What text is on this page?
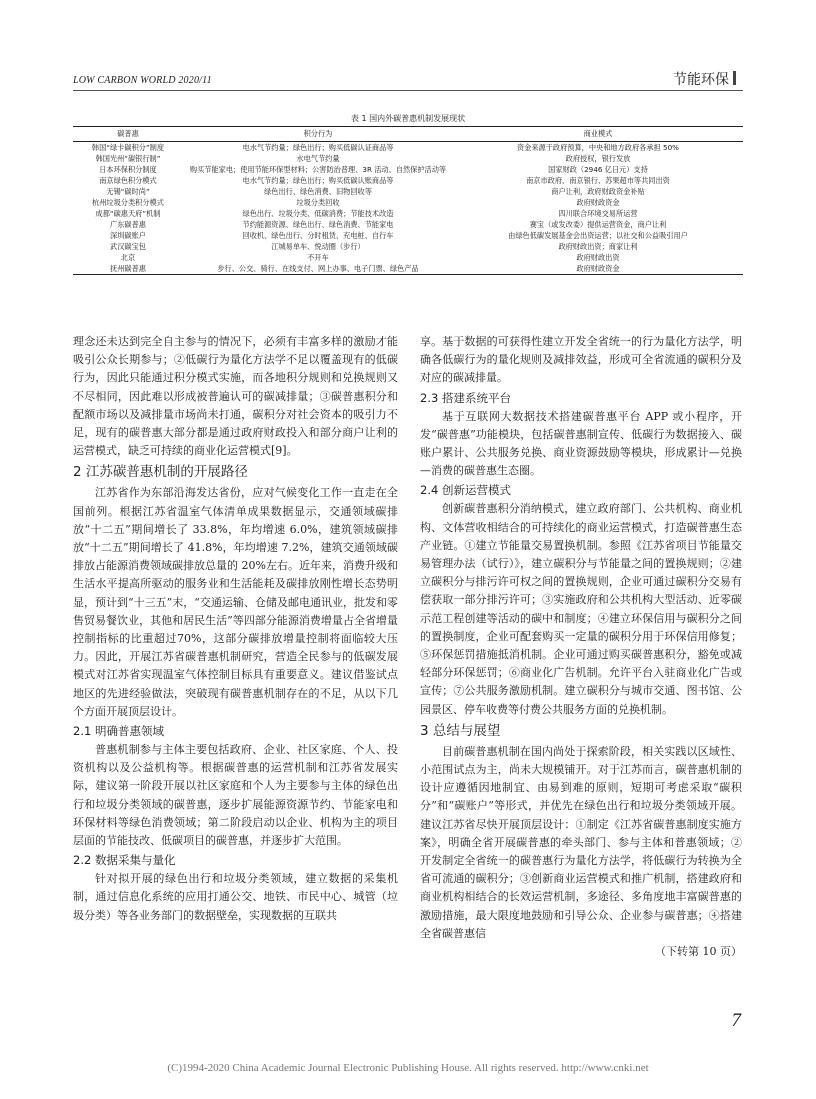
LOW CARBON WORLD 2020/11	节能环保
表 1 国内外碳普惠机制发展现状
碳普惠	积分行为	商业模式
韩国“绿卡碳积分”制度	电水气节约量；绿色出行；购买低碳认证商品等	资金来源于政府预算，中央和地方政府各承担 50%
韩国光州“碳银行制”	水电气节约量	政府授权，银行发放
日本环保积分制度	购买节能家电；使用节能环保型材料；公害防治普理、3R 活动、自然保护活动等	国家财政（2946 亿日元）支持
南京绿色积分模式	电水气节约量；绿色出行；购买低碳认账商品等	南京市政府、南京银行、苏果超市等共同出资
无锡“碳时尚”	绿色出行、绿色消费、旧物回收等	商户让利，政府财政资金补贴
杭州垃圾分类积分模式	垃圾分类回收	政府财政资金
成都“碳惠天府”机制	绿色出行、垃圾分类、低碳消费；节能技术改造	四川联合环境交易所运营
广东碳普惠	节约能源资源、绿色出行、绿色消费、节能家电	赛宝（或发改委）提供运营资金，商户让利
深圳碳账户	回收机、绿色出行、分时租赁、充电桩、自行车	由绿色低碳发展基金会出资运营；以社交和公益吸引用户
武汉碳宝包	江城易单车、悦动圈（步行）	政府财政出资；商家让利
北京	不开车	政府财政出资
抚州碳普惠	步行、公交、骑行、在线支付、网上办事、电子门票、绿色产品	政府财政资金

理念还未达到完全自主参与的情况下，必须有丰富多样的激励才能吸引公众长期参与；②低碳行为量化方法学不足以覆盖现有的低碳行为，因此只能通过积分模式实施，而各地积分规则和兑换规则又不尽相同，因此难以形成被普遍认可的碳减排量；③碳普惠积分和配额市场以及减排量市场尚未打通，碳积分对社会资本的吸引力不足，现有的碳普惠大部分都是通过政府财政投入和部分商户让利的运营模式，缺乏可持续的商业化运营模式[9]。

2 江苏碳普惠机制的开展路径

江苏省作为东部沿海发达省份，应对气候变化工作一直走在全国前列。根据江苏省温室气体清单成果数据显示，交通领域碳排放“十二五”期间增长了 33.8%，年均增速 6.0%，建筑领域碳排放“十二五”期间增长了 41.8%，年均增速 7.2%，建筑交通领域碳排放占能源消费领域碳排放总量的 20%左右。近年来，消费升级和生活水平提高所驱动的服务业和生活能耗及碳排放刚性增长态势明显，预计到“十三五”末，“交通运输、仓储及邮电通讯业，批发和零售贸易餐饮业，其他和居民生活”等四部分能源消费增量占全省增量控制指标的比重超过70%，这部分碳排放增量控制将面临较大压力。因此，开展江苏省碳普惠机制研究，营造全民参与的低碳发展模式对江苏省实现温室气体控制目标具有重要意义。建议借鉴试点地区的先进经验做法，突破现有碳普惠机制存在的不足，从以下几个方面开展顶层设计。

2.1 明确普惠领域

普惠机制参与主体主要包括政府、企业、社区家庭、个人、投资机构以及公益机构等。根据碳普惠的运营机制和江苏省发展实际，建议第一阶段开展以社区家庭和个人为主要参与主体的绿色出行和垃圾分类领域的碳普惠，逐步扩展能源资源节约、节能家电和环保材料等绿色消费领域；第二阶段启动以企业、机构为主的项目层面的节能技改、低碳项目的碳普惠，并逐步扩大范围。

2.2 数据采集与量化

针对拟开展的绿色出行和垃圾分类领域，建立数据的采集机制，通过信息化系统的应用打通公交、地铁、市民中心、城管（垃圾分类）等各业务部门的数据壁垒，实现数据的互联共

享。基于数据的可获得性建立开发全省统一的行为量化方法学，明确各低碳行为的量化规则及减排效益，形成可全省流通的碳积分及对应的碳减排量。

2.3 搭建系统平台

基于互联网大数据技术搭建碳普惠平台 APP 或小程序，开发“碳普惠”功能模块，包括碳普惠制宣传、低碳行为数据接入、碳账户累计、公共服务兑换、商业资源鼓励等模块，形成累计—兑换—消费的碳普惠生态圈。

2.4 创新运营模式

创新碳普惠积分消纳模式，建立政府部门、公共机构、商业机构、文体营收相结合的可持续化的商业运营模式，打造碳普惠生态产业链。①建立节能量交易置换机制。参照《江苏省项目节能量交易管理办法（试行）》，建立碳积分与节能量之间的置换规则；②建立碳积分与排污许可权之间的置换规则，企业可通过碳积分交易有偿获取一部分排污许可；③实施政府和公共机构大型活动、近零碳示范工程创建等活动的碳中和制度；④建立环保信用与碳积分之间的置换制度，企业可配套购买一定量的碳积分用于环保信用修复；⑤环保惩罚措施抵消机制。企业可通过购买碳普惠积分，豁免或减轻部分环保惩罚；⑥商业化广告机制。允许平台入驻商业化广告或宣传；⑦公共服务激励机制。建立碳积分与城市交通、图书馆、公园景区、停车收费等付费公共服务方面的兑换机制。

3 总结与展望

目前碳普惠机制在国内尚处于探索阶段，相关实践以区域性、小范围试点为主，尚未大规模铺开。对于江苏而言，碳普惠机制的设计应遵循因地制宜、由易到难的原则，短期可考虑采取“碳积分”和“碳账户”等形式，并优先在绿色出行和垃圾分类领域开展。建议江苏省尽快开展顶层设计：①制定《江苏省碳普惠制度实施方案》，明确全省开展碳普惠的牵头部门、参与主体和普惠领域；②开发制定全省统一的碳普惠行为量化方法学，将低碳行为转换为全省可流通的碳积分；③创新商业运营模式和推广机制，搭建政府和商业机构相结合的长效运营机制，多途径、多角度地丰富碳普惠的激励措施，最大限度地鼓励和引导公众、企业参与碳普惠；④搭建全省碳普惠信

（下转第 10 页）

7
(C)1994-2020 China Academic Journal Electronic Publishing House. All rights reserved. http://www.cnki.net
